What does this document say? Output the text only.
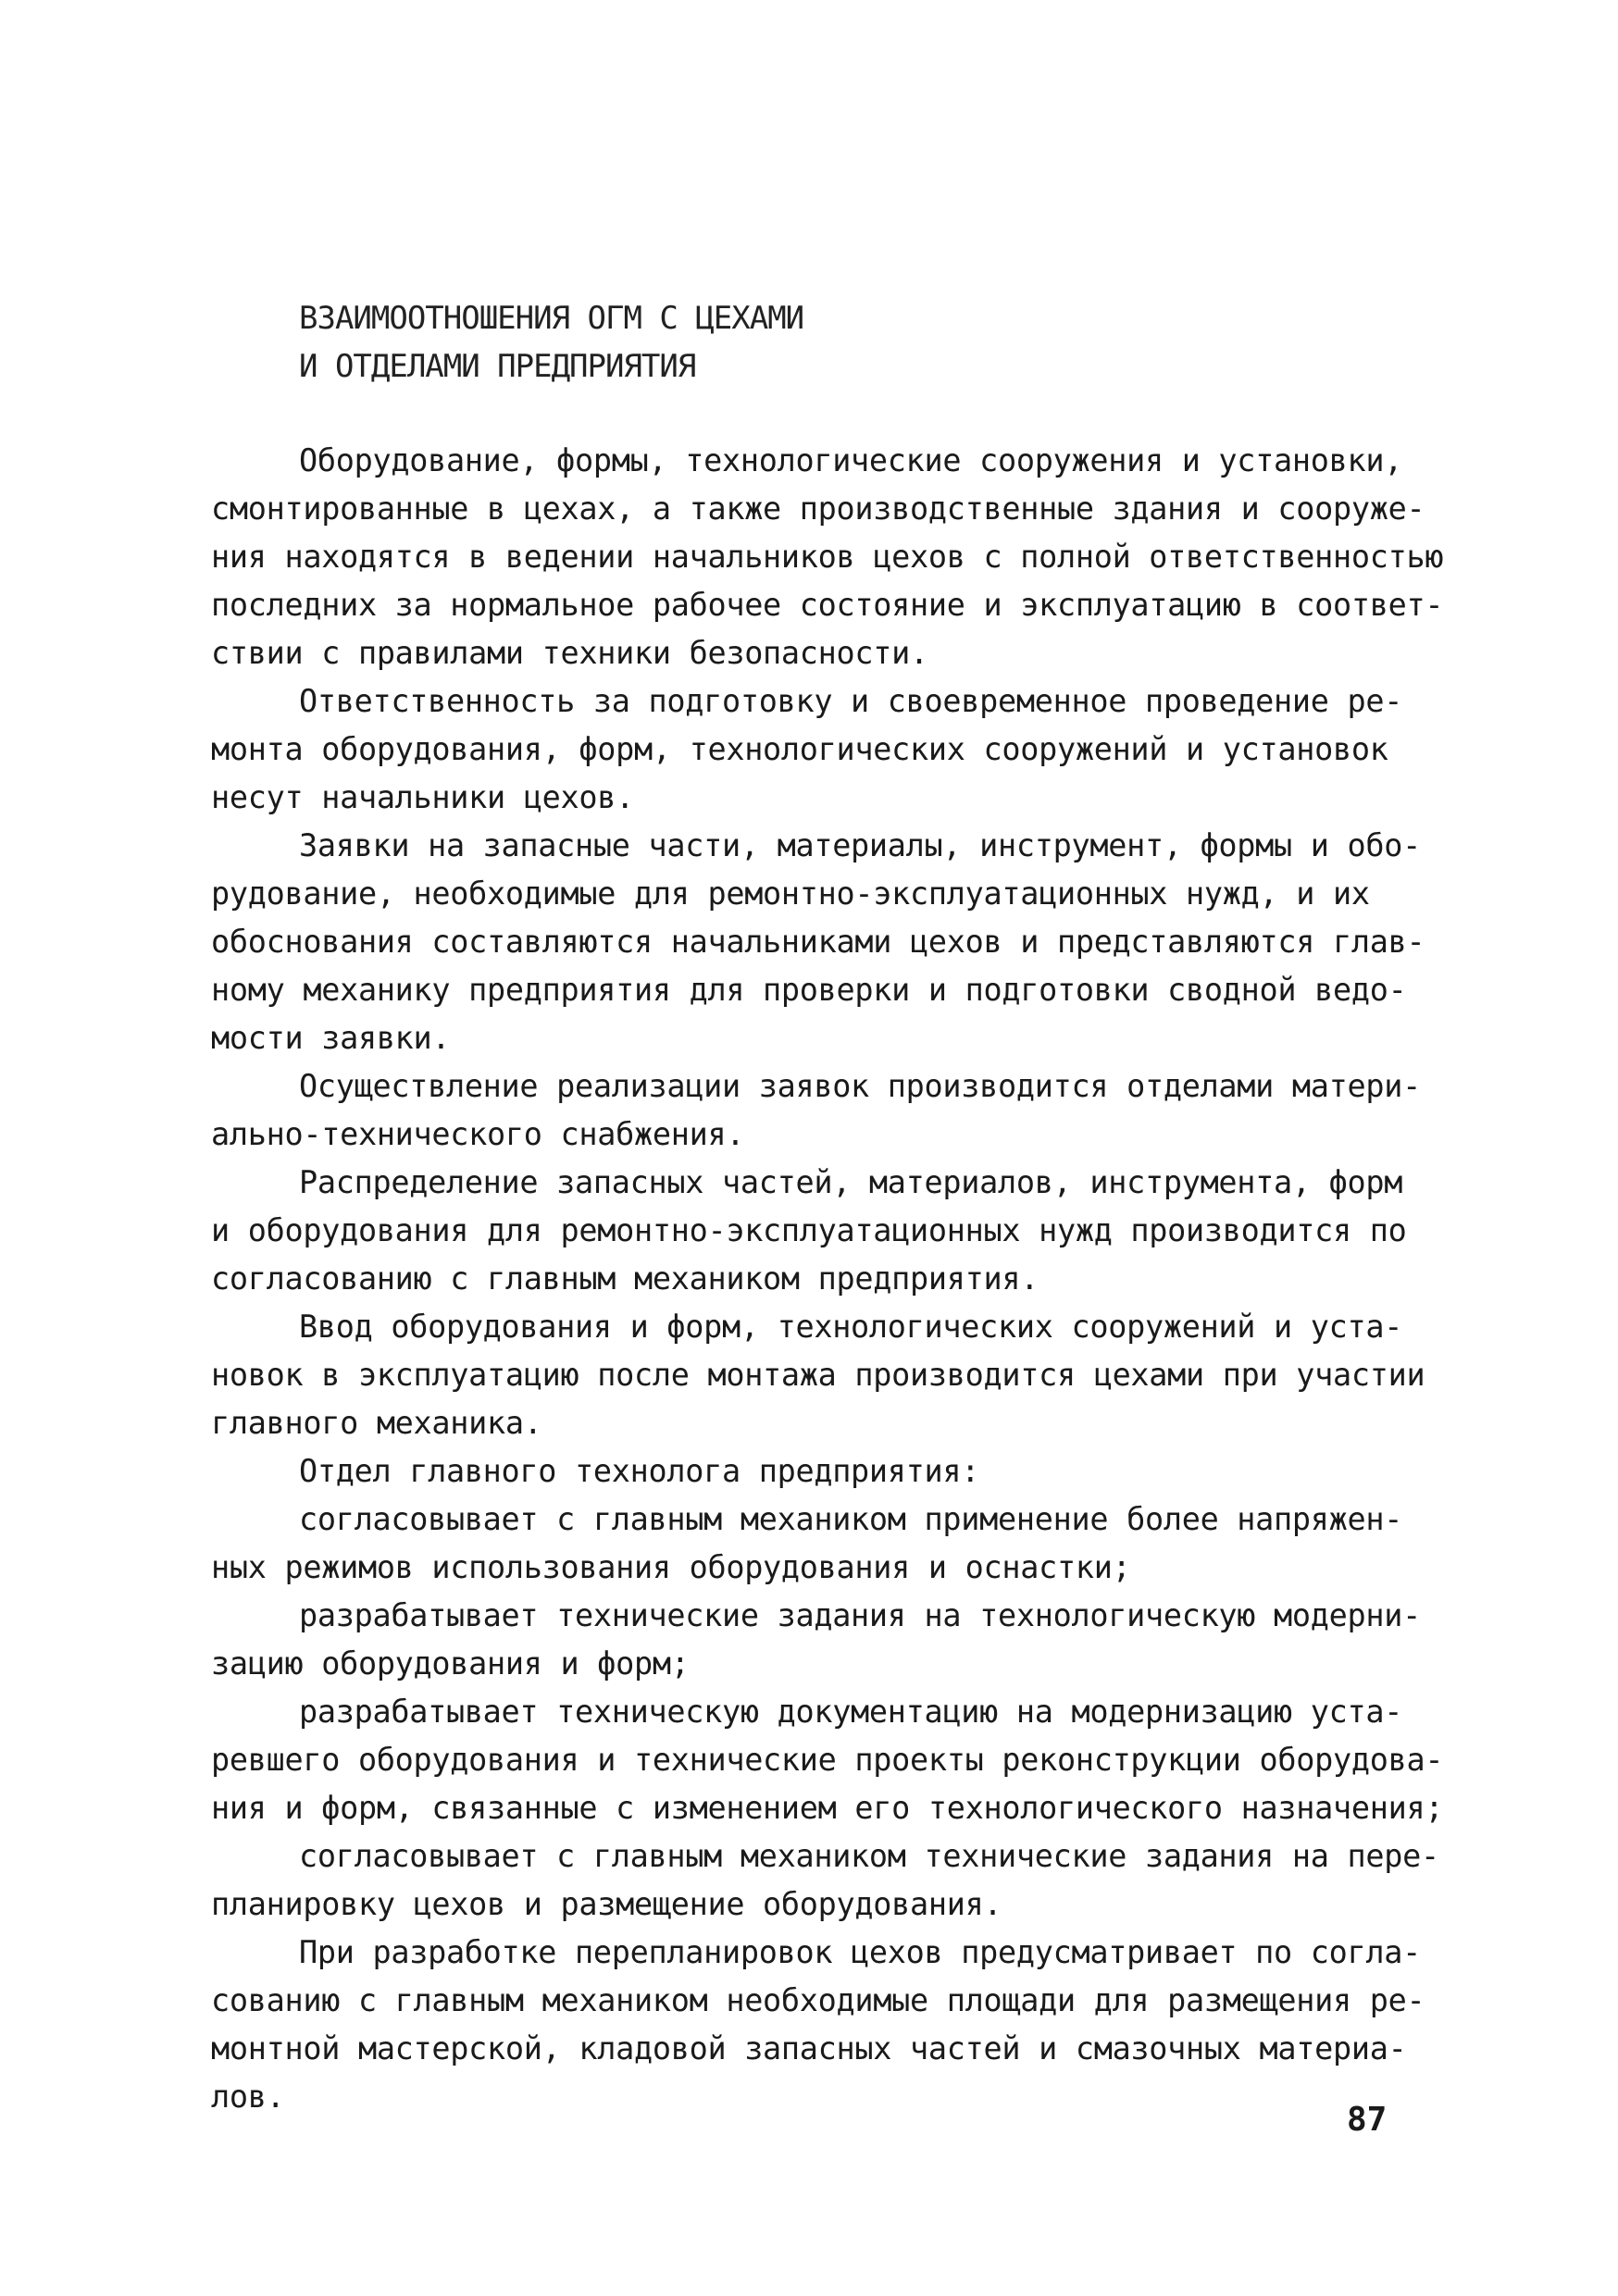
ВЗАИМООТНОШЕНИЯ ОГМ С ЦЕХАМИ
И ОТДЕЛАМИ ПРЕДПРИЯТИЯ
Оборудование, формы, технологические сооружения и установки,
смонтированные в цехах, а также производственные здания и сооруже-
ния находятся в ведении начальников цехов с полной ответственностью
последних за нормальное рабочее состояние и эксплуатацию в соответ-
ствии с правилами техники безопасности.
Ответственность за подготовку и своевременное проведение ре-
монта оборудования, форм, технологических сооружений и установок
несут начальники цехов.
Заявки на запасные части, материалы, инструмент, формы и обо-
рудование, необходимые для ремонтно-эксплуатационных нужд, и их
обоснования составляются начальниками цехов и представляются глав-
ному механику предприятия для проверки и подготовки сводной ведо-
мости заявки.
Осуществление реализации заявок производится отделами матери-
ально-технического снабжения.
Распределение запасных частей, материалов, инструмента, форм
и оборудования для ремонтно-эксплуатационных нужд производится по
согласованию с главным механиком предприятия.
Ввод оборудования и форм, технологических сооружений и уста-
новок в эксплуатацию после монтажа производится цехами при участии
главного механика.
Отдел главного технолога предприятия:
согласовывает с главным механиком применение более напряжен-
ных режимов использования оборудования и оснастки;
разрабатывает технические задания на технологическую модерни-
зацию оборудования и форм;
разрабатывает техническую документацию на модернизацию уста-
ревшего оборудования и технические проекты реконструкции оборудова-
ния и форм, связанные с изменением его технологического назначения;
согласовывает с главным механиком технические задания на пере-
планировку цехов и размещение оборудования.
При разработке перепланировок цехов предусматривает по согла-
сованию с главным механиком необходимые площади для размещения ре-
монтной мастерской, кладовой запасных частей и смазочных материа-
лов.
87
